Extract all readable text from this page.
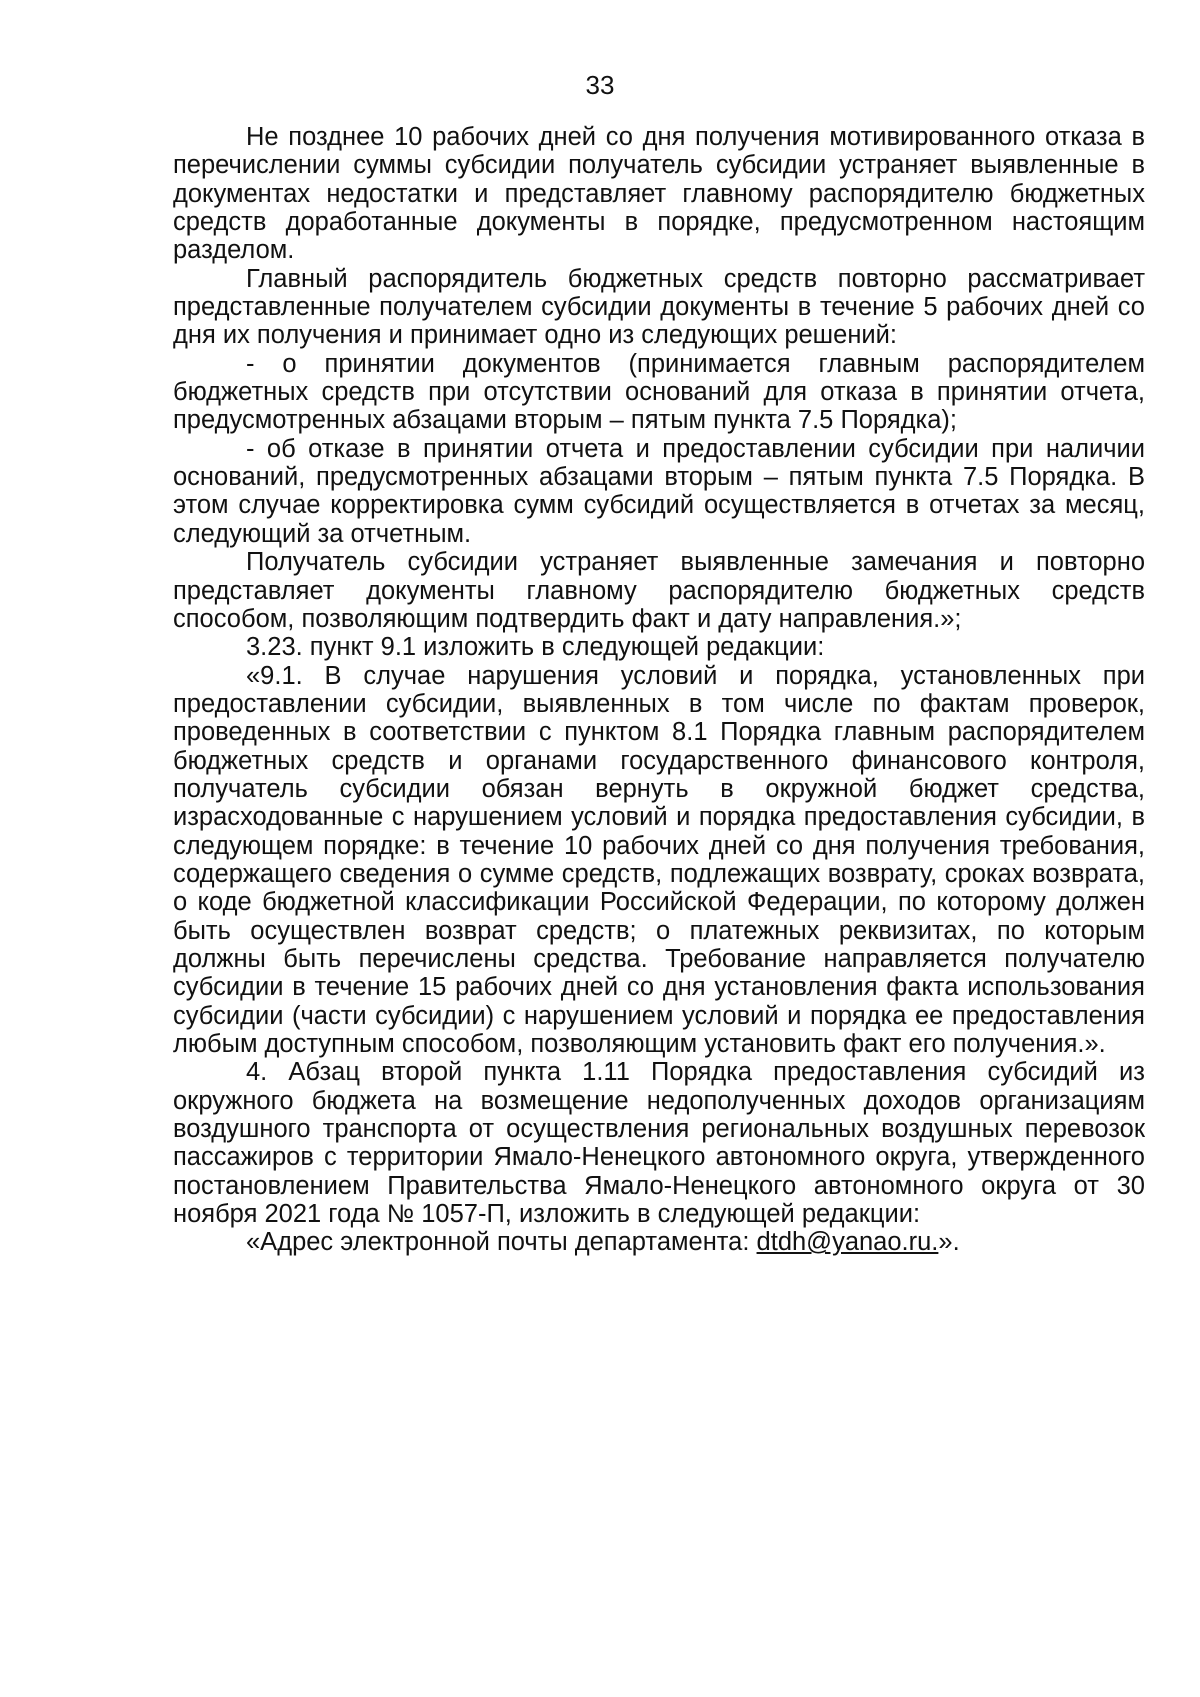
33

Не позднее 10 рабочих дней со дня получения мотивированного отказа в перечислении суммы субсидии получатель субсидии устраняет выявленные в документах недостатки и представляет главному распорядителю бюджетных средств доработанные документы в порядке, предусмотренном настоящим разделом.

Главный распорядитель бюджетных средств повторно рассматривает представленные получателем субсидии документы в течение 5 рабочих дней со дня их получения и принимает одно из следующих решений:

- о принятии документов (принимается главным распорядителем бюджетных средств при отсутствии оснований для отказа в принятии отчета, предусмотренных абзацами вторым – пятым пункта 7.5 Порядка);

- об отказе в принятии отчета и предоставлении субсидии при наличии оснований, предусмотренных абзацами вторым – пятым пункта 7.5 Порядка. В этом случае корректировка сумм субсидий осуществляется в отчетах за месяц, следующий за отчетным.

Получатель субсидии устраняет выявленные замечания и повторно представляет документы главному распорядителю бюджетных средств способом, позволяющим подтвердить факт и дату направления.»;

3.23. пункт 9.1 изложить в следующей редакции:

«9.1. В случае нарушения условий и порядка, установленных при предоставлении субсидии, выявленных в том числе по фактам проверок, проведенных в соответствии с пунктом 8.1 Порядка главным распорядителем бюджетных средств и органами государственного финансового контроля, получатель субсидии обязан вернуть в окружной бюджет средства, израсходованные с нарушением условий и порядка предоставления субсидии, в следующем порядке: в течение 10 рабочих дней со дня получения требования, содержащего сведения о сумме средств, подлежащих возврату, сроках возврата, о коде бюджетной классификации Российской Федерации, по которому должен быть осуществлен возврат средств; о платежных реквизитах, по которым должны быть перечислены средства. Требование направляется получателю субсидии в течение 15 рабочих дней со дня установления факта использования субсидии (части субсидии) с нарушением условий и порядка ее предоставления любым доступным способом, позволяющим установить факт его получения.».

4. Абзац второй пункта 1.11 Порядка предоставления субсидий из окружного бюджета на возмещение недополученных доходов организациям воздушного транспорта от осуществления региональных воздушных перевозок пассажиров с территории Ямало-Ненецкого автономного округа, утвержденного постановлением Правительства Ямало-Ненецкого автономного округа от 30 ноября 2021 года № 1057-П, изложить в следующей редакции:

«Адрес электронной почты департамента: dtdh@yanao.ru.».
